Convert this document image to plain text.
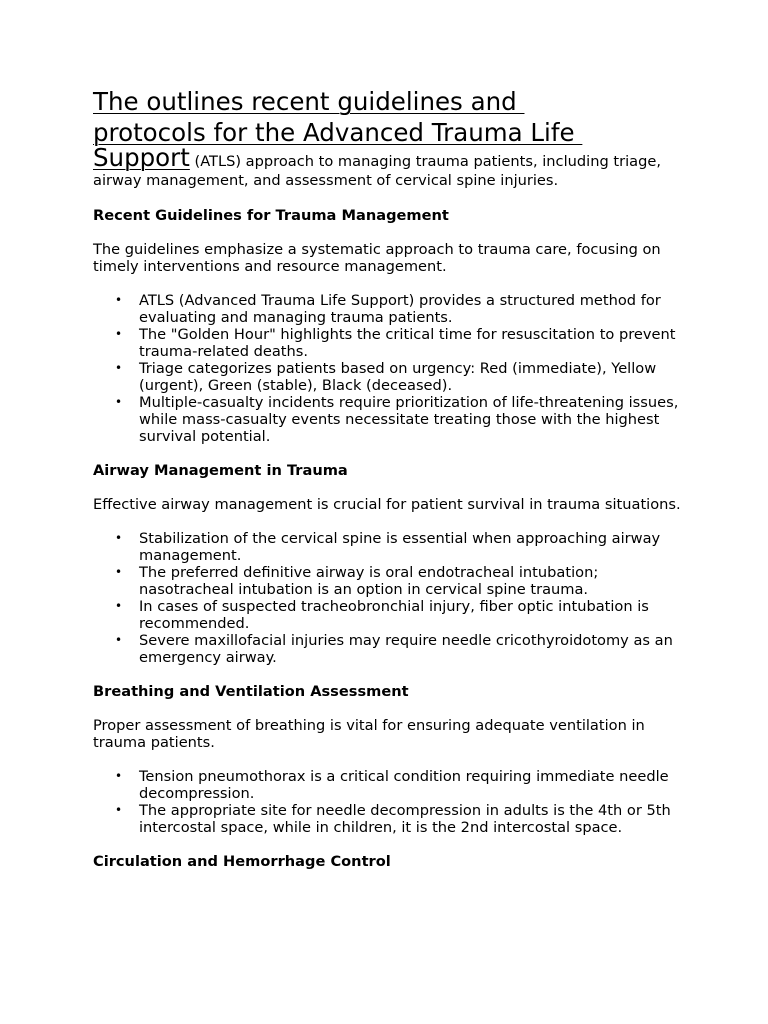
The outlines recent guidelines and
protocols for the Advanced Trauma Life
Support (ATLS) approach to managing trauma patients, including triage, airway management, and assessment of cervical spine injuries.
Recent Guidelines for Trauma Management

The guidelines emphasize a systematic approach to trauma care, focusing on timely interventions and resource management.

• ATLS (Advanced Trauma Life Support) provides a structured method for evaluating and managing trauma patients.
• The "Golden Hour" highlights the critical time for resuscitation to prevent trauma-related deaths.
• Triage categorizes patients based on urgency: Red (immediate), Yellow (urgent), Green (stable), Black (deceased).
• Multiple-casualty incidents require prioritization of life-threatening issues, while mass-casualty events necessitate treating those with the highest survival potential.
Airway Management in Trauma

Effective airway management is crucial for patient survival in trauma situations.

• Stabilization of the cervical spine is essential when approaching airway management.
• The preferred definitive airway is oral endotracheal intubation; nasotracheal intubation is an option in cervical spine trauma.
• In cases of suspected tracheobronchial injury, fiber optic intubation is recommended.
• Severe maxillofacial injuries may require needle cricothyroidotomy as an emergency airway.
Breathing and Ventilation Assessment

Proper assessment of breathing is vital for ensuring adequate ventilation in trauma patients.

• Tension pneumothorax is a critical condition requiring immediate needle decompression.
• The appropriate site for needle decompression in adults is the 4th or 5th intercostal space, while in children, it is the 2nd intercostal space.
Circulation and Hemorrhage Control
